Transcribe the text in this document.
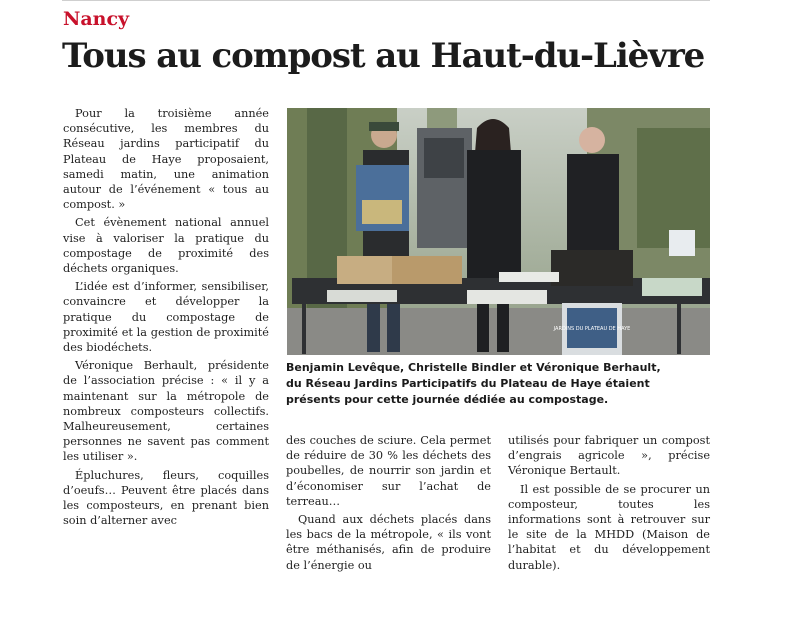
Nancy
Tous au compost au Haut-du-Lièvre

Pour la troisième année consécutive, les membres du Réseau jardins participatif du Plateau de Haye proposaient, samedi matin, une animation autour de l’événement « tous au compost. »

Cet évènement national annuel vise à valoriser la pratique du compostage de proximité des déchets organiques.

L’idée est d’informer, sensibiliser, convaincre et développer la pratique du compostage de proximité et la gestion de proximité des biodéchets.

Véronique Berhault, présidente de l’association précise : « il y a maintenant sur la métropole de nombreux composteurs collectifs. Malheureusement, certaines personnes ne savent pas comment les utiliser ».

Épluchures, fleurs, coquilles d’oeufs… Peuvent être placés dans les composteurs, en prenant bien soin d’alterner avec

JARDINS DU PLATEAU DE HAYE
Benjamin Levêque, Christelle Bindler et Véronique Berhault,
du Réseau Jardins Participatifs du Plateau de Haye étaient
présents pour cette journée dédiée au compostage.

des couches de sciure. Cela permet de réduire de 30 % les déchets des poubelles, de nourrir son jardin et d’économiser sur l’achat de terreau…

Quand aux déchets placés dans les bacs de la métropole, « ils vont être méthanisés, afin de produire de l’énergie ou

utilisés pour fabriquer un compost d’engrais agricole », précise Véronique Bertault.

Il est possible de se procurer un composteur, toutes les informations sont à retrouver sur le site de la MHDD (Maison de l’habitat et du développement durable).
